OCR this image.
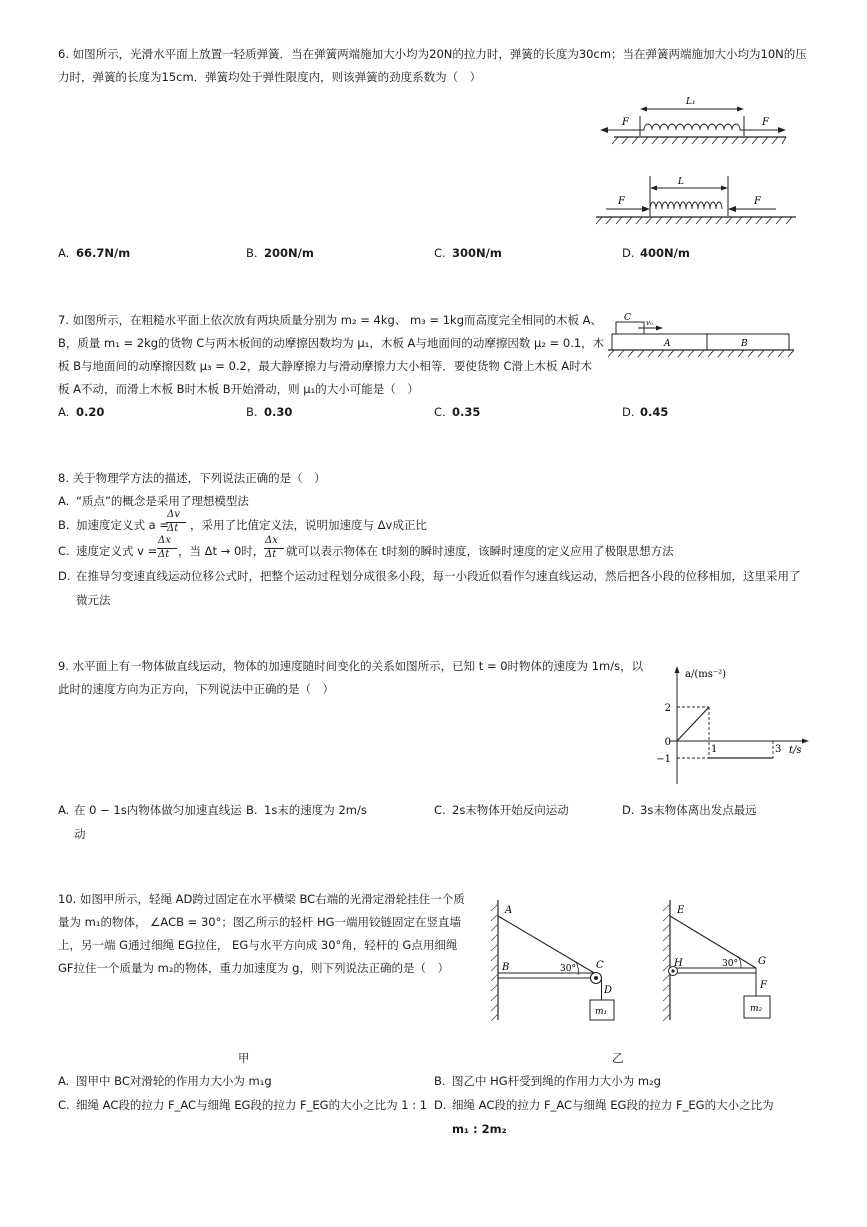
6. 如图所示，光滑水平面上放置一轻质弹簧．当在弹簧两端施加大小均为20N的拉力时，弹簧的长度为30cm；当在弹簧两端施加大小均为10N的压
力时，弹簧的长度为15cm．弹簧均处于弹性限度内，则该弹簧的劲度系数为（　）
F	F
L₁
F	F
L
A. 66.7N/m	B. 200N/m	C. 300N/m	D. 400N/m
7. 如图所示，在粗糙水平面上依次放有两块质量分别为 m₂ = 4kg、 m₃ = 1kg而高度完全相同的木板 A、
B，质量 m₁ = 2kg的货物 C与两木板间的动摩擦因数均为 μ₁，木板 A与地面间的动摩擦因数 μ₂ = 0.1，木
板 B与地面间的动摩擦因数 μ₃ = 0.2，最大静摩擦力与滑动摩擦力大小相等．要使货物 C滑上木板 A时木
板 A不动，而滑上木板 B时木板 B开始滑动，则 μ₁的大小可能是（　）
C v₀
A	B
A. 0.20	B. 0.30	C. 0.35	D. 0.45
8. 关于物理学方法的描述，下列说法正确的是（　）
A. “质点”的概念是采用了理想模型法
B. 加速度定义式 a =
Δv
Δt ，采用了比值定义法，说明加速度与 Δv成正比
C. 速度定义式 v =
Δx
Δt ，当 Δt → 0时，
Δx
Δt 就可以表示物体在 t时刻的瞬时速度，该瞬时速度的定义应用了极限思想方法
D. 在推导匀变速直线运动位移公式时，把整个运动过程划分成很多小段，每一小段近似看作匀速直线运动，然后把各小段的位移相加，这里采用了
微元法
9. 水平面上有一物体做直线运动，物体的加速度随时间变化的关系如图所示，已知 t = 0时物体的速度为 1m/s，以
此时的速度方向为正方向，下列说法中正确的是（　）
a/(ms⁻²)
t/s
1	3
2
0
−1
A. 在 0 − 1s内物体做匀加速直线运
动
B. 1s末的速度为 2m/s	C. 2s末物体开始反向运动	D. 3s末物体离出发点最远
10. 如图甲所示，轻绳 AD跨过固定在水平横梁 BC右端的光滑定滑轮挂住一个质
量为 m₁的物体， ∠ACB = 30°；图乙所示的轻杆 HG一端用铰链固定在竖直墙
上，另一端 G通过细绳 EG拉住， EG与水平方向成 30°角，轻杆的 G点用细绳
GF拉住一个质量为 m₂的物体，重力加速度为 g，则下列说法正确的是（　）
A
B	C
D
30°
m₁
E
H	G
F
30°
m₂
甲	乙
A. 图甲中 BC对滑轮的作用力大小为 m₁g	B. 图乙中 HG杆受到绳的作用力大小为 m₂g
C. 细绳 AC段的拉力 F_AC与细绳 EG段的拉力 F_EG的大小之比为 1 : 1 D. 细绳 AC段的拉力 F_AC与细绳 EG段的拉力 F_EG的大小之比为
m₁ : 2m₂
